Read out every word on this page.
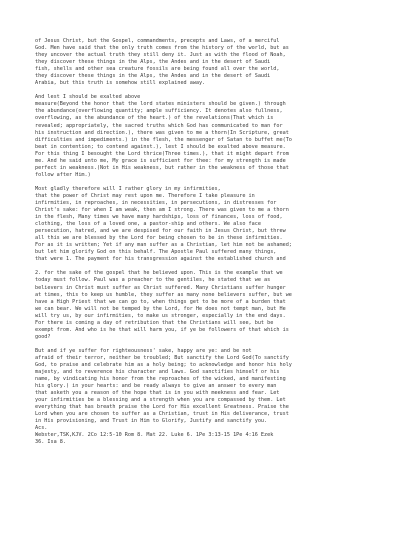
of Jesus Christ, but the Gospel, commandments, precepts and Laws, of a merciful
God. Men have said that the only truth comes from the history of the world, but as
they uncover the actual truth they still deny it. Just as with the flood of Noah,
they discover these things in the Alps, the Andes and in the desert of Saudi
fish, shells and other sea creature fossils are being found all over the world,
they discover these things in the Alps, the Andes and in the desert of Saudi
Arabia, but this truth is somehow still explained away.

And lest I should be exalted above
measure(Beyond the honor that the lord states ministers should be given.) through
the abundance(overflowing quantity; ample sufficiency. It denotes also fullness,
overflowing, as the abundance of the heart.) of the revelations(That which is
revealed; appropriately, the sacred truths which God has communicated to man for
his instruction and direction.), there was given to me a thorn(In Scripture, great
difficulties and impediments.) in the flesh, the messenger of Satan to buffet me(To
beat in contention; to contend against.), lest I should be exalted above measure.
For this thing I besought the Lord thrice(Three times.), that it might depart from
me. And he said unto me, My grace is sufficient for thee: for my strength is made
perfect in weakness.(Not in His weakness, but rather in the weakness of those that
follow after Him.)

Most gladly therefore will I rather glory in my infirmities,
that the power of Christ may rest upon me. Therefore I take pleasure in
infirmities, in reproaches, in necessities, in persecutions, in distresses for
Christ's sake: for when I am weak, then am I strong. There was given to me a thorn
in the flesh, Many times we have many hardships, loss of finances, loss of food,
clothing, the loss of a loved one, a pastor-ship and others. We also face
persecution, hatred, and we are despised for our faith in Jesus Christ, but threw
all this we are blessed by the Lord for being chosen to be in these infirmities.
For as it is written; Yet if any man suffer as a Christian, let him not be ashamed;
but let him glorify God on this behalf. The Apostle Paul suffered many things,
that were 1. The payment for his transgression against the established church and

2. for the sake of the gospel that he believed upon. This is the example that we
today must follow. Paul was a preacher to the gentiles, he stated that we as
believers in Christ must suffer as Christ suffered. Many Christians suffer hunger
at times, this to keep us humble, they suffer as many none believers suffer, but we
have a High Priest that we can go to, when things get to be more of a burden that
we can bear. We will not be temped by the Lord, for He does not tempt man, but He
will try us, by our infirmities, to make us stronger, especially in the end days.
For there is coming a day of retribution that the Christians will see, but be
exempt from. And who is he that will harm you, if ye be followers of that which is
good?

But and if ye suffer for righteousness' sake, happy are ye: and be not
afraid of their terror, neither be troubled; But sanctify the Lord God(To sanctify
God, to praise and celebrate him as a holy being; to acknowledge and honor his holy
majesty, and to reverence his character and laws. God sanctifies himself or his
name, by vindicating his honor from the reproaches of the wicked, and manifesting
his glory.) in your hearts: and be ready always to give an answer to every man
that asketh you a reason of the hope that is in you with meekness and fear. Let
your infirmities be a blessing and a strength when you are compassed by them. Let
everything that has breath praise the Lord for His excellent Greatness. Praise the
Lord when you are chosen to suffer as a Christian, trust in His deliverance, trust
in His provisioning, and Trust in Him to Glorify, Justify and sanctify you.
Acs.
Webster,TSK,KJV. 2Co 12:5-10 Rom 8. Mat 22. Luke 6. 1Pe 3:13-15 1Pe 4:16 Ezek
36. Isa 8.
